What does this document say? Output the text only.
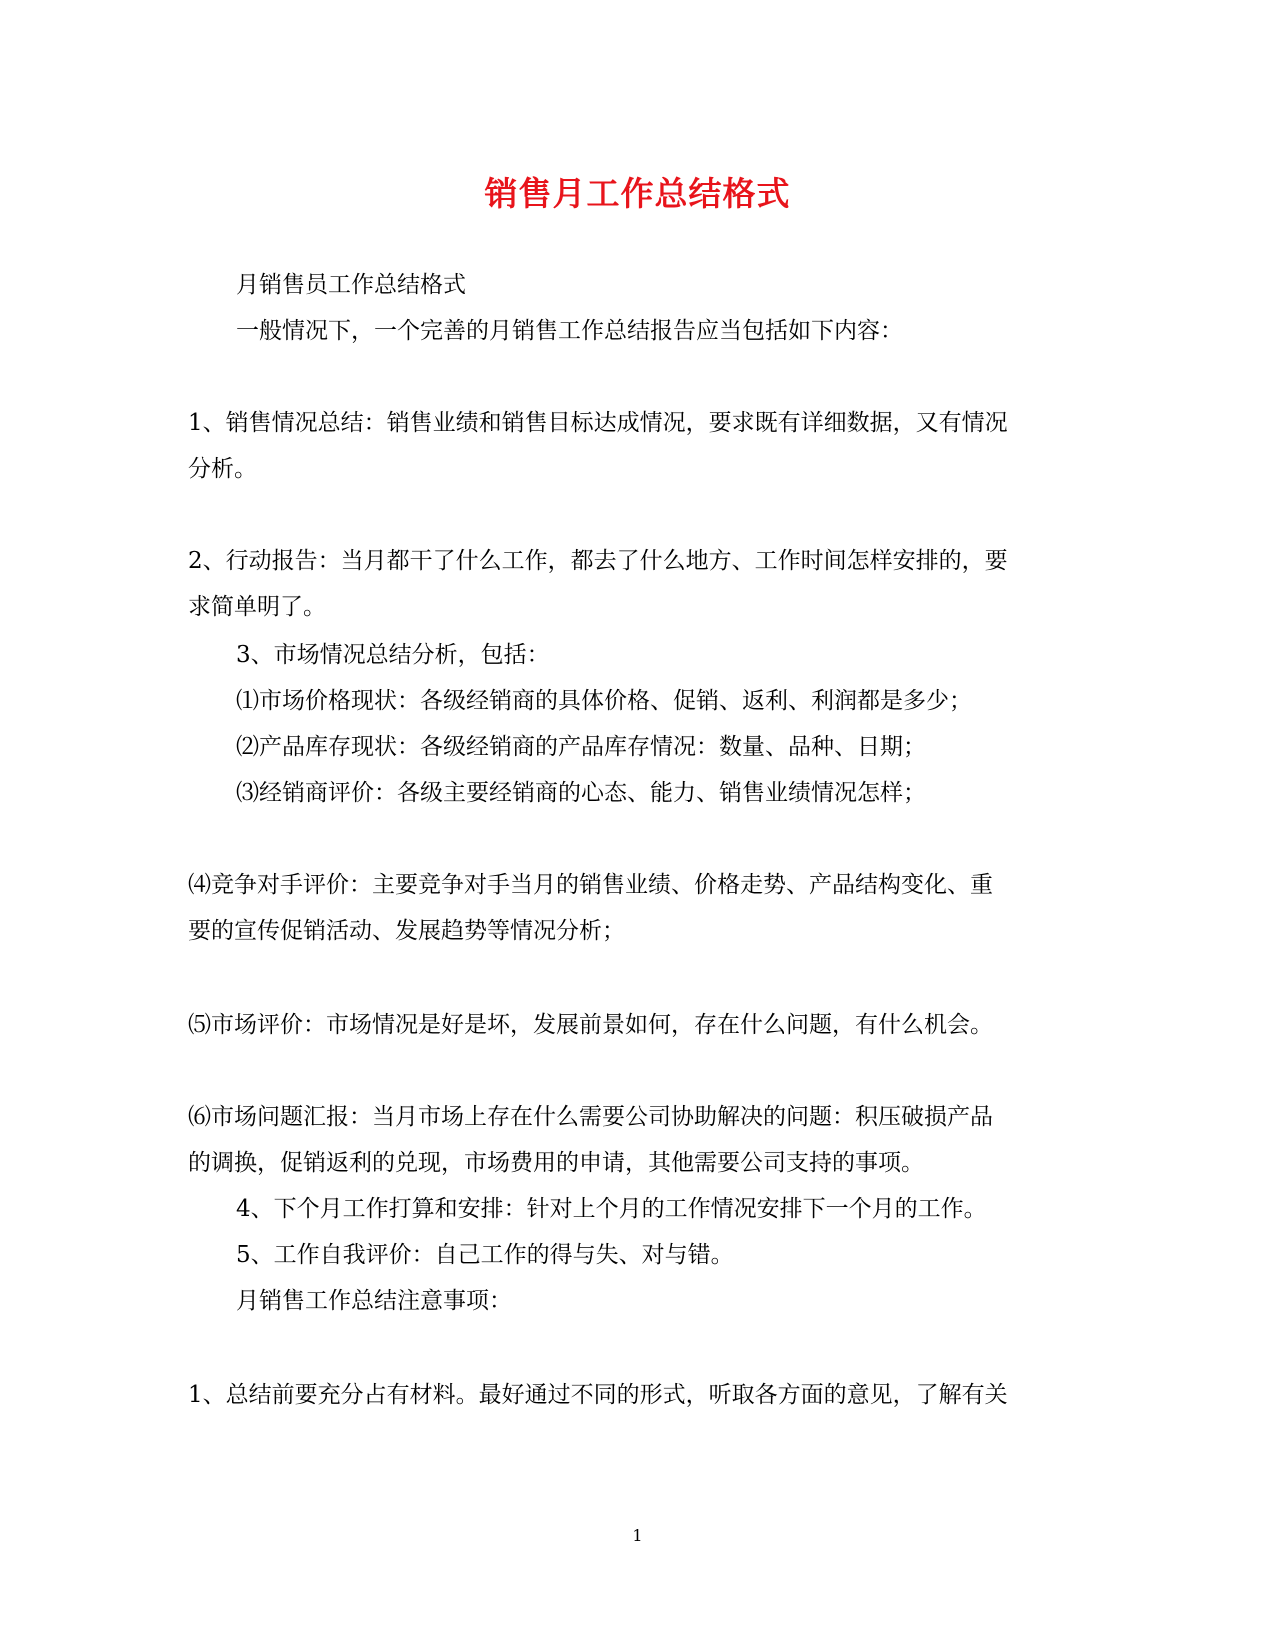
销售月工作总结格式
月销售员工作总结格式
一般情况下，一个完善的月销售工作总结报告应当包括如下内容：
1、销售情况总结：销售业绩和销售目标达成情况，要求既有详细数据，又有情况
分析。
2、行动报告：当月都干了什么工作，都去了什么地方、工作时间怎样安排的，要
求简单明了。
3、市场情况总结分析，包括：
⑴市场价格现状：各级经销商的具体价格、促销、返利、利润都是多少；
⑵产品库存现状：各级经销商的产品库存情况：数量、品种、日期；
⑶经销商评价：各级主要经销商的心态、能力、销售业绩情况怎样；
⑷竞争对手评价：主要竞争对手当月的销售业绩、价格走势、产品结构变化、重
要的宣传促销活动、发展趋势等情况分析；
⑸市场评价：市场情况是好是坏，发展前景如何，存在什么问题，有什么机会。
⑹市场问题汇报：当月市场上存在什么需要公司协助解决的问题：积压破损产品
的调换，促销返利的兑现，市场费用的申请，其他需要公司支持的事项。
4、下个月工作打算和安排：针对上个月的工作情况安排下一个月的工作。
5、工作自我评价：自己工作的得与失、对与错。
月销售工作总结注意事项：
1、总结前要充分占有材料。最好通过不同的形式，听取各方面的意见，了解有关
1
